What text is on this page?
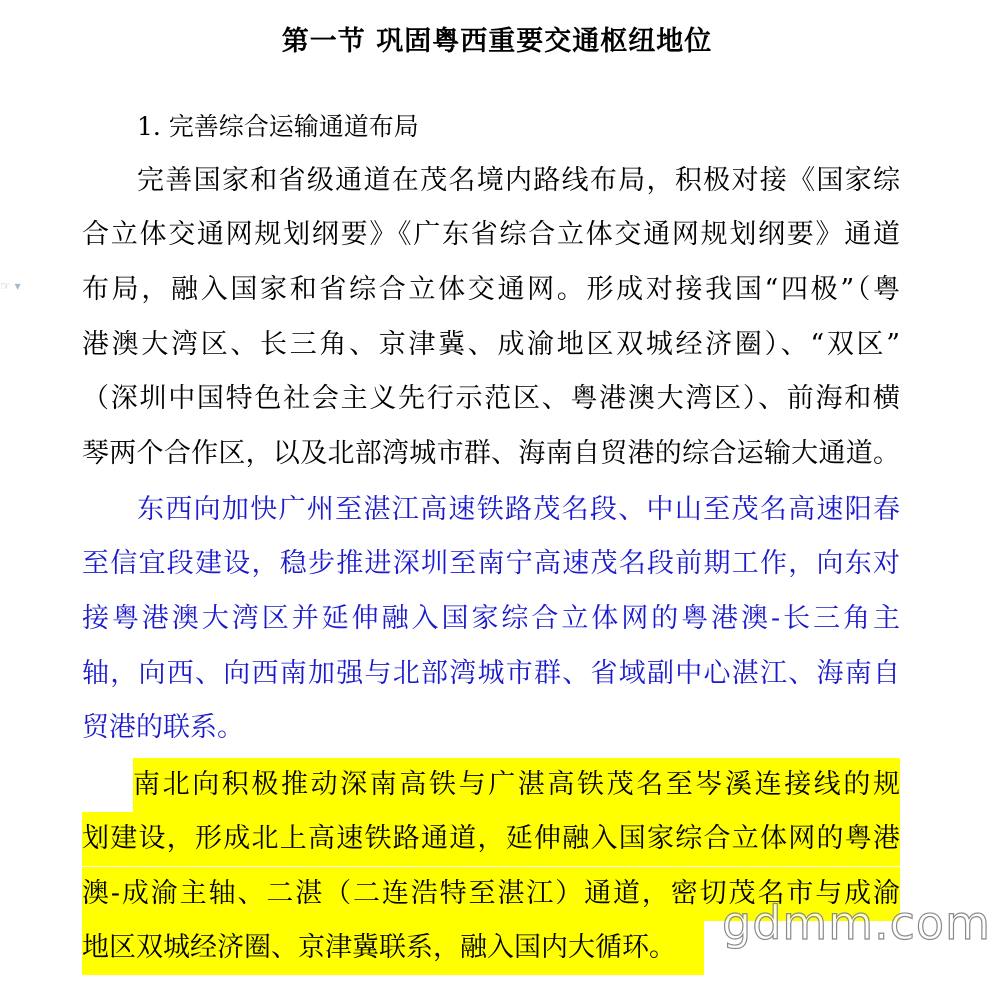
☞ ▾
第一节 巩固粤西重要交通枢纽地位
1. 完善综合运输通道布局
完善国家和省级通道在茂名境内路线布局，积极对接《国家综
合立体交通网规划纲要》《广东省综合立体交通网规划纲要》通道
布局，融入国家和省综合立体交通网。形成对接我国“四极”（粤
港澳大湾区、长三角、京津冀、成渝地区双城经济圈）、“双区”
（深圳中国特色社会主义先行示范区、粤港澳大湾区）、前海和横
琴两个合作区，以及北部湾城市群、海南自贸港的综合运输大通道。
东西向加快广州至湛江高速铁路茂名段、中山至茂名高速阳春
至信宜段建设，稳步推进深圳至南宁高速茂名段前期工作，向东对
接粤港澳大湾区并延伸融入国家综合立体网的粤港澳-长三角主
轴，向西、向西南加强与北部湾城市群、省域副中心湛江、海南自
贸港的联系。
南北向积极推动深南高铁与广湛高铁茂名至岑溪连接线的规
划建设，形成北上高速铁路通道，延伸融入国家综合立体网的粤港
澳-成渝主轴、二湛（二连浩特至湛江）通道，密切茂名市与成渝
地区双城经济圈、京津冀联系，融入国内大循环。	gdmm.com
